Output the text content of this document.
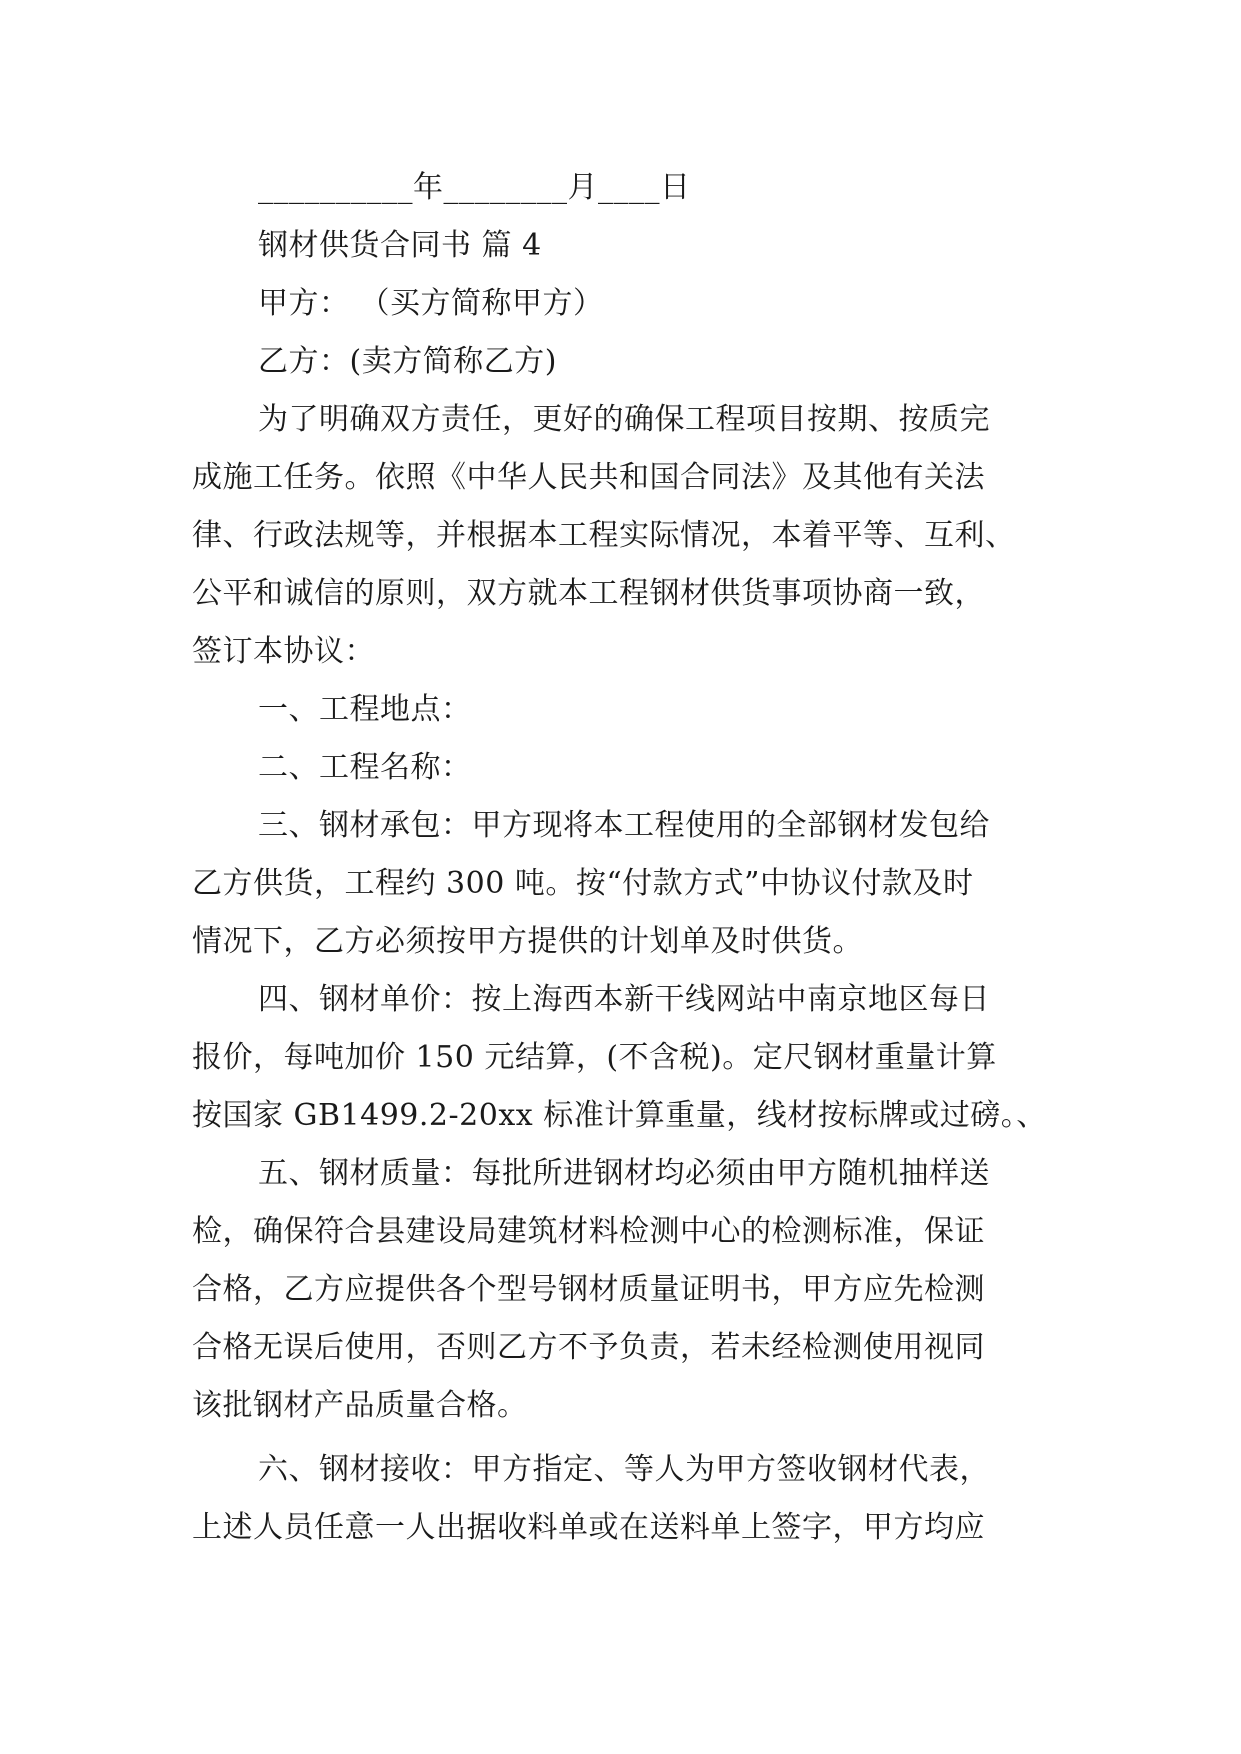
__________年________月____日
钢材供货合同书 篇 4
甲方： （买方简称甲方）
乙方：(卖方简称乙方)
为了明确双方责任，更好的确保工程项目按期、按质完
成施工任务。依照《中华人民共和国合同法》及其他有关法
律、行政法规等，并根据本工程实际情况，本着平等、互利、
公平和诚信的原则，双方就本工程钢材供货事项协商一致，
签订本协议：
一、工程地点：
二、工程名称：
三、钢材承包：甲方现将本工程使用的全部钢材发包给
乙方供货，工程约 300 吨。按“付款方式”中协议付款及时
情况下，乙方必须按甲方提供的计划单及时供货。
四、钢材单价：按上海西本新干线网站中南京地区每日
报价，每吨加价 150 元结算，(不含税)。定尺钢材重量计算
按国家 GB1499.2-20xx 标准计算重量，线材按标牌或过磅。、
五、钢材质量：每批所进钢材均必须由甲方随机抽样送
检，确保符合县建设局建筑材料检测中心的检测标准，保证
合格，乙方应提供各个型号钢材质量证明书，甲方应先检测
合格无误后使用，否则乙方不予负责，若未经检测使用视同
该批钢材产品质量合格。
六、钢材接收：甲方指定、等人为甲方签收钢材代表，
上述人员任意一人出据收料单或在送料单上签字，甲方均应
